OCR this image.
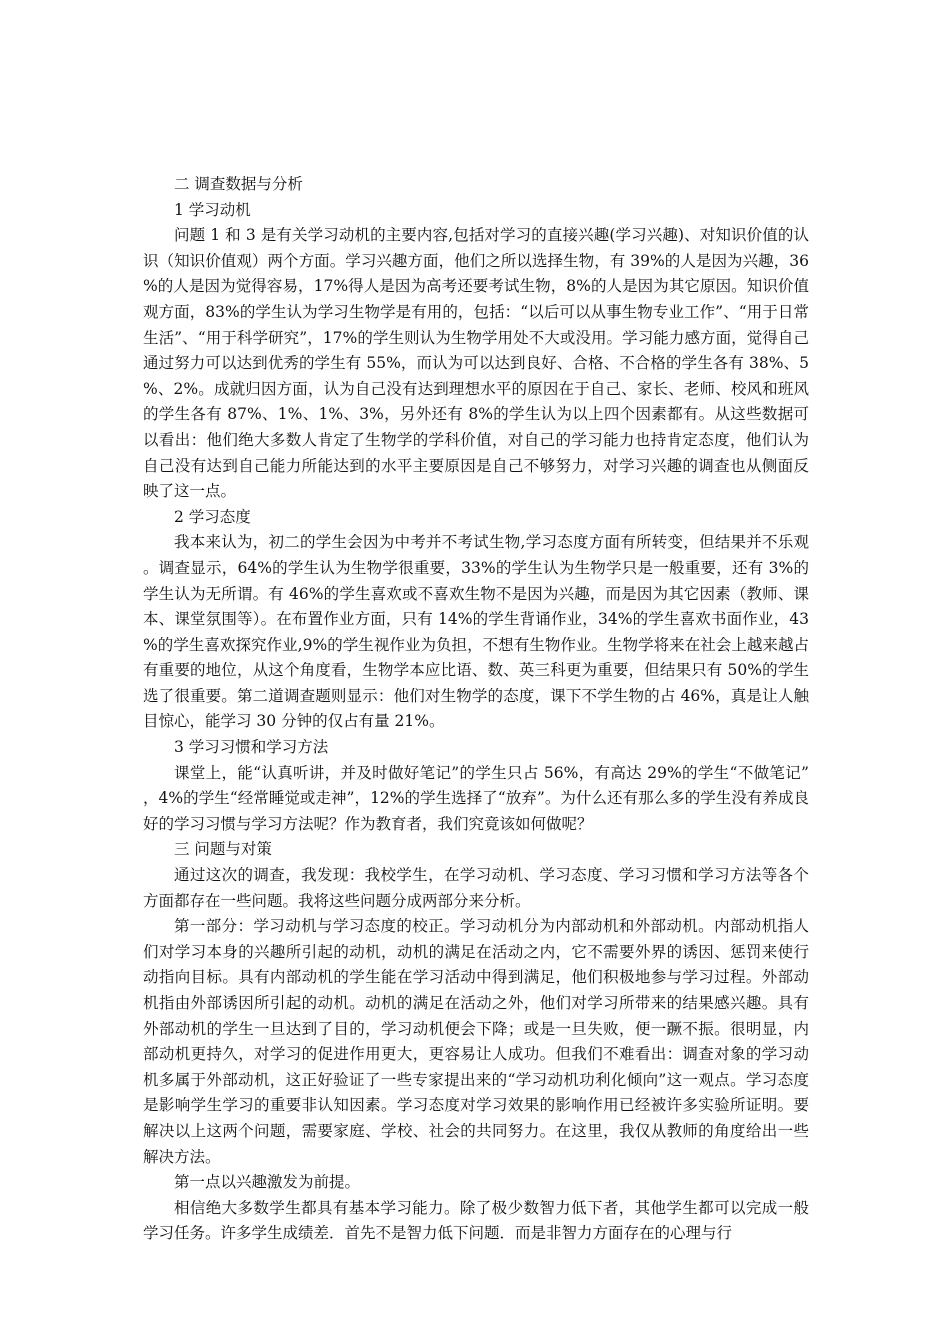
二 调查数据与分析

1 学习动机

问题 1 和 3 是有关学习动机的主要内容,包括对学习的直接兴趣(学习兴趣)、对知识价值的认识（知识价值观）两个方面。学习兴趣方面，他们之所以选择生物，有 39%的人是因为兴趣，36%的人是因为觉得容易，17%得人是因为高考还要考试生物，8%的人是因为其它原因。知识价值观方面，83%的学生认为学习生物学是有用的，包括：“以后可以从事生物专业工作”、“用于日常生活”、“用于科学研究”，17%的学生则认为生物学用处不大或没用。学习能力感方面，觉得自己通过努力可以达到优秀的学生有 55%，而认为可以达到良好、合格、不合格的学生各有 38%、5%、2%。成就归因方面，认为自己没有达到理想水平的原因在于自己、家长、老师、校风和班风的学生各有 87%、1%、1%、3%，另外还有 8%的学生认为以上四个因素都有。从这些数据可以看出：他们绝大多数人肯定了生物学的学科价值，对自己的学习能力也持肯定态度，他们认为自己没有达到自己能力所能达到的水平主要原因是自己不够努力，对学习兴趣的调查也从侧面反映了这一点。

2 学习态度

我本来认为，初二的学生会因为中考并不考试生物,学习态度方面有所转变，但结果并不乐观。调查显示，64%的学生认为生物学很重要，33%的学生认为生物学只是一般重要，还有 3%的学生认为无所谓。有 46%的学生喜欢或不喜欢生物不是因为兴趣，而是因为其它因素（教师、课本、课堂氛围等）。在布置作业方面，只有 14%的学生背诵作业，34%的学生喜欢书面作业，43%的学生喜欢探究作业,9%的学生视作业为负担，不想有生物作业。生物学将来在社会上越来越占有重要的地位，从这个角度看，生物学本应比语、数、英三科更为重要，但结果只有 50%的学生选了很重要。第二道调查题则显示：他们对生物学的态度，课下不学生物的占 46%，真是让人触目惊心，能学习 30 分钟的仅占有量 21%。

3 学习习惯和学习方法

课堂上，能“认真听讲，并及时做好笔记”的学生只占 56%，有高达 29%的学生“不做笔记”，4%的学生“经常睡觉或走神”，12%的学生选择了“放弃”。为什么还有那么多的学生没有养成良好的学习习惯与学习方法呢？作为教育者，我们究竟该如何做呢？

三 问题与对策

通过这次的调查，我发现：我校学生，在学习动机、学习态度、学习习惯和学习方法等各个方面都存在一些问题。我将这些问题分成两部分来分析。

第一部分：学习动机与学习态度的校正。学习动机分为内部动机和外部动机。内部动机指人们对学习本身的兴趣所引起的动机，动机的满足在活动之内，它不需要外界的诱因、惩罚来使行动指向目标。具有内部动机的学生能在学习活动中得到满足，他们积极地参与学习过程。外部动机指由外部诱因所引起的动机。动机的满足在活动之外，他们对学习所带来的结果感兴趣。具有外部动机的学生一旦达到了目的，学习动机便会下降；或是一旦失败，便一蹶不振。很明显，内部动机更持久，对学习的促进作用更大，更容易让人成功。但我们不难看出：调查对象的学习动机多属于外部动机，这正好验证了一些专家提出来的“学习动机功利化倾向”这一观点。学习态度是影响学生学习的重要非认知因素。学习态度对学习效果的影响作用已经被许多实验所证明。要解决以上这两个问题，需要家庭、学校、社会的共同努力。在这里，我仅从教师的角度给出一些解决方法。

第一点以兴趣激发为前提。

相信绝大多数学生都具有基本学习能力。除了极少数智力低下者，其他学生都可以完成一般学习任务。许多学生成绩差．首先不是智力低下问题．而是非智力方面存在的心理与行
